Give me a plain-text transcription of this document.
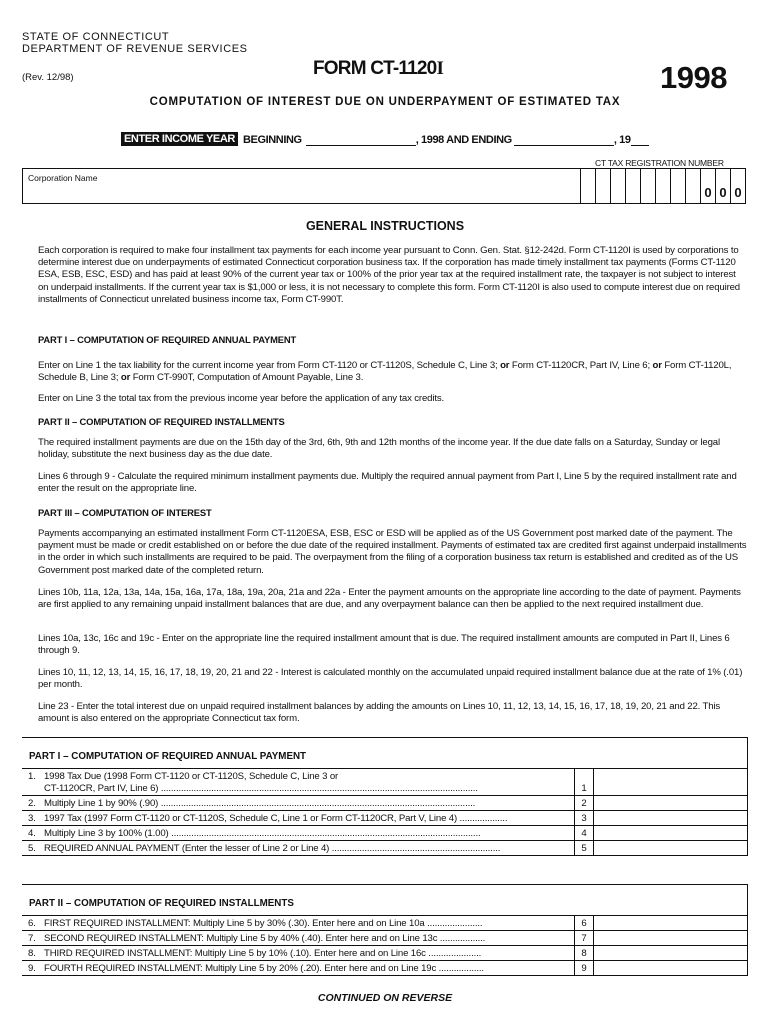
STATE OF CONNECTICUT
DEPARTMENT OF REVENUE SERVICES
(Rev. 12/98)	FORM CT-1120I	1998
COMPUTATION OF INTEREST DUE ON UNDERPAYMENT OF ESTIMATED TAX
ENTER INCOME YEAR BEGINNING	, 1998 AND ENDING	, 19
CT TAX REGISTRATION NUMBER
Corporation Name
0 0 0
GENERAL INSTRUCTIONS

Each corporation is required to make four installment tax payments for each income year pursuant to Conn. Gen. Stat. §12-242d. Form CT-1120I is used by corporations to determine interest due on underpayments of estimated Connecticut corporation business tax. If the corporation has made timely installment tax payments (Forms CT-1120 ESA, ESB, ESC, ESD) and has paid at least 90% of the current year tax or 100% of the prior year tax at the required installment rate, the taxpayer is not subject to interest on underpaid installments. If the current year tax is $1,000 or less, it is not necessary to complete this form. Form CT-1120I is also used to compute interest due on required installments of Connecticut unrelated business income tax, Form CT-990T.

PART I – COMPUTATION OF REQUIRED ANNUAL PAYMENT

Enter on Line 1 the tax liability for the current income year from Form CT-1120 or CT-1120S, Schedule C, Line 3; or Form CT-1120CR, Part IV, Line 6; or Form CT-1120L, Schedule B, Line 3; or Form CT-990T, Computation of Amount Payable, Line 3.

Enter on Line 3 the total tax from the previous income year before the application of any tax credits.
PART II – COMPUTATION OF REQUIRED INSTALLMENTS
The required installment payments are due on the 15th day of the 3rd, 6th, 9th and 12th months of the income year. If the due date falls on a Saturday, Sunday or legal holiday, substitute the next business day as the due date.
Lines 6 through 9 - Calculate the required minimum installment payments due. Multiply the required annual payment from Part I, Line 5 by the required installment rate and enter the result on the appropriate line.
PART III – COMPUTATION OF INTEREST
Payments accompanying an estimated installment Form CT-1120ESA, ESB, ESC or ESD will be applied as of the US Government post marked date of the payment. The payment must be made or credit established on or before the due date of the required installment. Payments of estimated tax are credited first against underpaid installments in the order in which such installments are required to be paid. The overpayment from the filing of a corporation business tax return is established and credited as of the US Government post marked date of the completed return.
Lines 10b, 11a, 12a, 13a, 14a, 15a, 16a, 17a, 18a, 19a, 20a, 21a and 22a - Enter the payment amounts on the appropriate line according to the date of payment. Payments are first applied to any remaining unpaid installment balances that are due, and any overpayment balance can then be applied to the next required installment due.
Lines 10a, 13c, 16c and 19c - Enter on the appropriate line the required installment amount that is due. The required installment amounts are computed in Part II, Lines 6 through 9.
Lines 10, 11, 12, 13, 14, 15, 16, 17, 18, 19, 20, 21 and 22 - Interest is calculated monthly on the accumulated unpaid required installment balance due at the rate of 1% (.01) per month.
Line 23 - Enter the total interest due on unpaid required installment balances by adding the amounts on Lines 10, 11, 12, 13, 14, 15, 16, 17, 18, 19, 20, 21 and 22. This amount is also entered on the appropriate Connecticut tax form.
PART I – COMPUTATION OF REQUIRED ANNUAL PAYMENT
1. 1998 Tax Due (1998 Form CT-1120 or CT-1120S, Schedule C, Line 3 or

CT-1120CR, Part IV, Line 6) ..............................................................................................................................	1
2. Multiply Line 1 by 90% (.90) .............................................................................................................................	2
3. 1997 Tax (1997 Form CT-1120 or CT-1120S, Schedule C, Line 1 or Form CT-1120CR, Part V, Line 4) ...................	3
4. Multiply Line 3 by 100% (1.00) ...........................................................................................................................	4
5. REQUIRED ANNUAL PAYMENT (Enter the lesser of Line 2 or Line 4) ...................................................................	5
PART II – COMPUTATION OF REQUIRED INSTALLMENTS
6. FIRST REQUIRED INSTALLMENT: Multiply Line 5 by 30% (.30). Enter here and on Line 10a ......................	6
7. SECOND REQUIRED INSTALLMENT: Multiply Line 5 by 40% (.40). Enter here and on Line 13c ..................	7
8. THIRD REQUIRED INSTALLMENT: Multiply Line 5 by 10% (.10). Enter here and on Line 16c .....................	8
9. FOURTH REQUIRED INSTALLMENT: Multiply Line 5 by 20% (.20). Enter here and on Line 19c ..................	9
CONTINUED ON REVERSE
